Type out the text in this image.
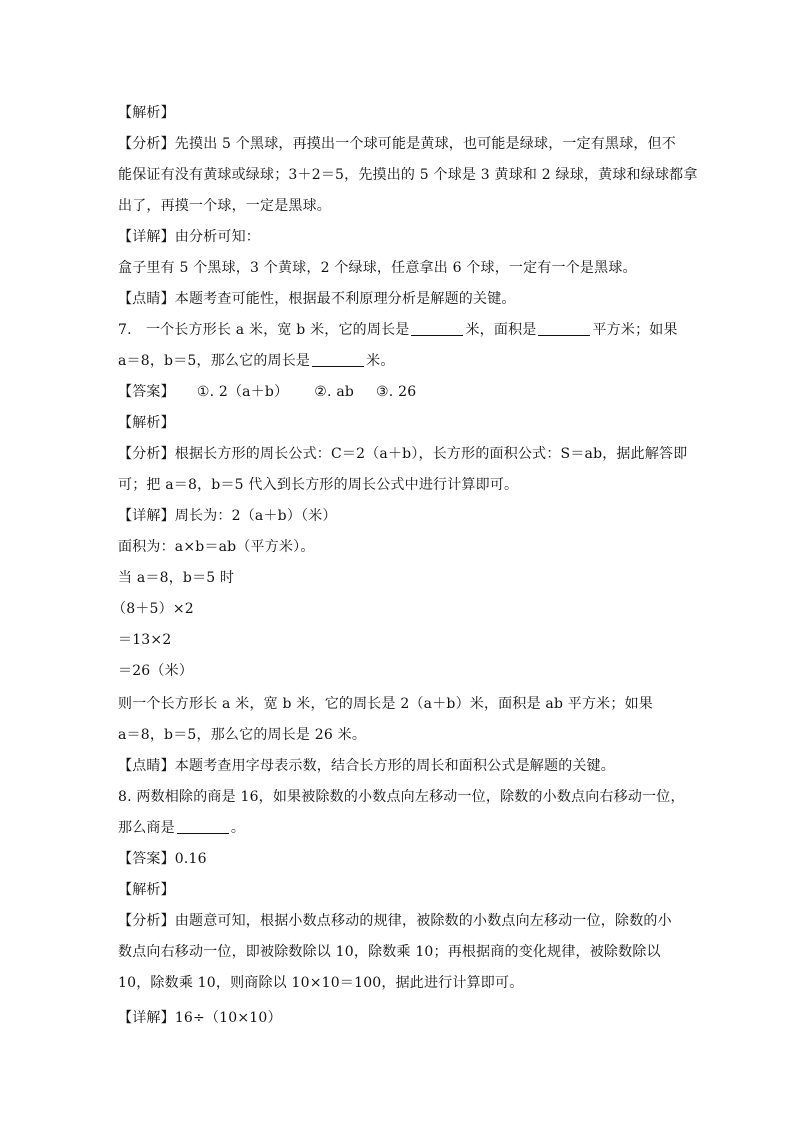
【解析】
【分析】先摸出 5 个黑球，再摸出一个球可能是黄球，也可能是绿球，一定有黑球，但不
能保证有没有黄球或绿球；3＋2＝5，先摸出的 5 个球是 3 黄球和 2 绿球，黄球和绿球都拿
出了，再摸一个球，一定是黑球。
【详解】由分析可知：
盒子里有 5 个黑球，3 个黄球，2 个绿球，任意拿出 6 个球，一定有一个是黑球。
【点睛】本题考查可能性，根据最不利原理分析是解题的关键。
7.　一个长方形长 a 米，宽 b 米，它的周长是	米，面积是	平方米；如果
a＝8，b＝5，那么它的周长是	米。
【答案】 ①. 2（a＋b） ②. ab ③. 26
【解析】
【分析】根据长方形的周长公式：C＝2（a＋b），长方形的面积公式：S＝ab，据此解答即
可；把 a＝8，b＝5 代入到长方形的周长公式中进行计算即可。
【详解】周长为：2（a＋b）（米）
面积为：a×b＝ab（平方米）。
当 a＝8，b＝5 时
（8＋5）×2
＝13×2
＝26（米）
则一个长方形长 a 米，宽 b 米，它的周长是 2（a＋b）米，面积是 ab 平方米；如果
a＝8，b＝5，那么它的周长是 26 米。
【点睛】本题考查用字母表示数，结合长方形的周长和面积公式是解题的关键。
8. 两数相除的商是 16，如果被除数的小数点向左移动一位，除数的小数点向右移动一位，
那么商是	。
【答案】0.16
【解析】
【分析】由题意可知，根据小数点移动的规律，被除数的小数点向左移动一位，除数的小
数点向右移动一位，即被除数除以 10，除数乘 10；再根据商的变化规律，被除数除以
10，除数乘 10，则商除以 10×10＝100，据此进行计算即可。
【详解】16÷（10×10）
